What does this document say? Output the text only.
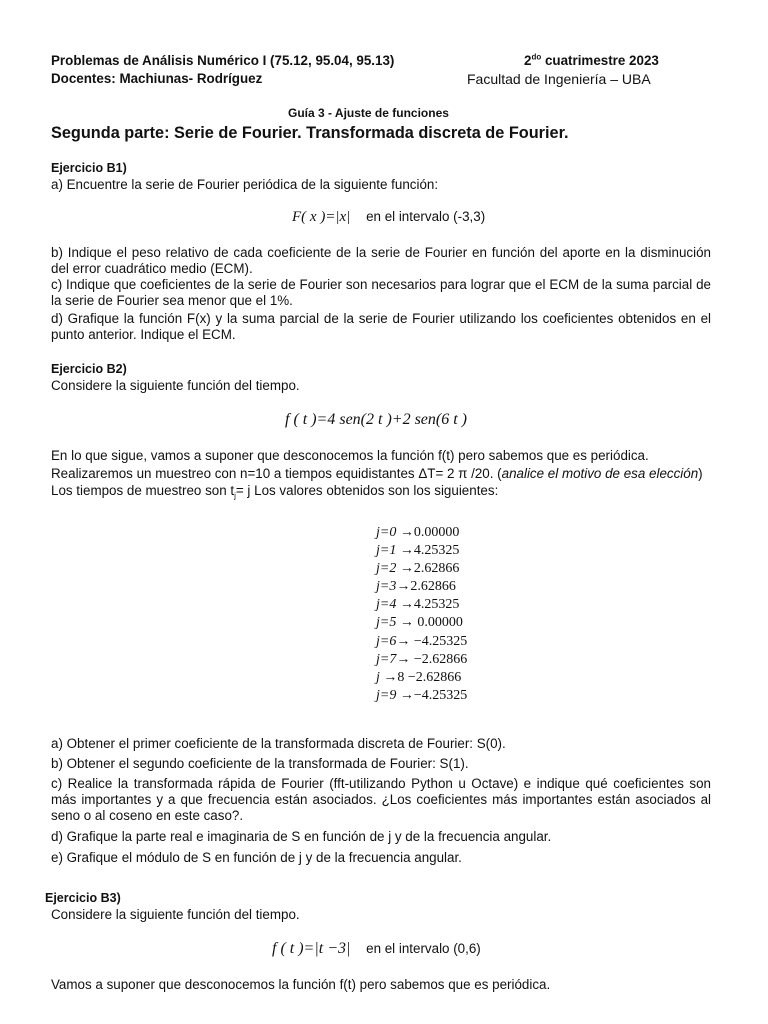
Problemas de Análisis Numérico I (75.12, 95.04, 95.13)	$2^{do}$ cuatrimestre 2023
Docentes: Machiunas- Rodríguez	Facultad de Ingeniería – UBA
Guía 3 - Ajuste de funciones
Segunda parte: Serie de Fourier. Transformada discreta de Fourier.
Ejercicio B1)
a) Encuentre la serie de Fourier periódica de la siguiente función:
F( x )=|x| en el intervalo (-3,3)
b) Indique el peso relativo de cada coeficiente de la serie de Fourier en función del aporte en la disminución del error cuadrático medio (ECM).
c) Indique que coeficientes de la serie de Fourier son necesarios para lograr que el ECM de la suma parcial de la serie de Fourier sea menor que el 1%.
d) Grafique la función F(x) y la suma parcial de la serie de Fourier utilizando los coeficientes obtenidos en el punto anterior. Indique el ECM.
Ejercicio B2)
Considere la siguiente función del tiempo.
f ( t )=4 sen(2 t )+2 sen(6 t )
En lo que sigue, vamos a suponer que desconocemos la función f(t) pero sabemos que es periódica.
Realizaremos un muestreo con n=10 a tiempos equidistantes ΔT= 2 π /20. (analice el motivo de esa elección)
Los tiempos de muestreo son $t_j= j$ Los valores obtenidos son los siguientes:
j=0 →0.00000
j=1 →4.25325
j=2 →2.62866
j=3→2.62866
j=4 →4.25325
j=5 → 0.00000
j=6→ −4.25325
j=7→ −2.62866
j →8 −2.62866
j=9 →−4.25325
a) Obtener el primer coeficiente de la transformada discreta de Fourier: S(0).
b) Obtener el segundo coeficiente de la transformada de Fourier: S(1).
c) Realice la transformada rápida de Fourier (fft-utilizando Python u Octave) e indique qué coeficientes son más importantes y a que frecuencia están asociados. ¿Los coeficientes más importantes están asociados al seno o al coseno en este caso?.
d) Grafique la parte real e imaginaria de S en función de j y de la frecuencia angular.
e) Grafique el módulo de S en función de j y de la frecuencia angular.
Ejercicio B3)
Considere la siguiente función del tiempo.
f ( t )=|t −3| en el intervalo (0,6)
Vamos a suponer que desconocemos la función f(t) pero sabemos que es periódica.
